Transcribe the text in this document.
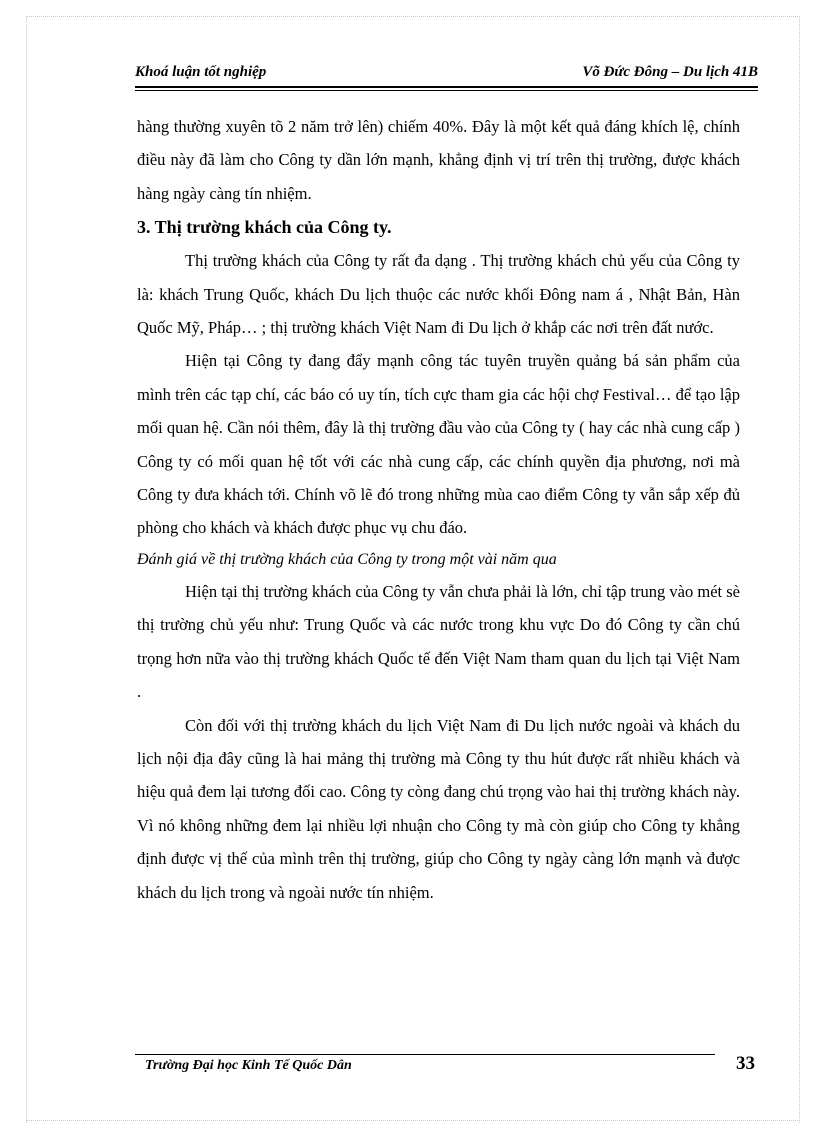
Khoá luận tốt nghiệp	Võ Đức Đông – Du lịch 41B

hàng thường xuyên tõ 2 năm trở lên) chiếm 40%. Đây là một kết quả đáng khích lệ, chính điều này đã làm cho Công ty dần lớn mạnh, khẳng định vị trí trên thị trường, được khách hàng ngày càng tín nhiệm.

3. Thị trường khách của Công ty.

Thị trường khách của Công ty rất đa dạng . Thị trường khách chủ yếu của Công ty là: khách Trung Quốc, khách Du lịch thuộc các nước khối Đông nam á , Nhật Bản, Hàn Quốc Mỹ, Pháp… ; thị trường khách Việt Nam đi Du lịch ở khắp các nơi trên đất nước.

Hiện tại Công ty đang đẩy mạnh công tác tuyên truyền quảng bá sản phẩm của mình trên các tạp chí, các báo có uy tín, tích cực tham gia các hội chợ Festival… để tạo lập mối quan hệ. Cần nói thêm, đây là thị trường đầu vào của Công ty ( hay các nhà cung cấp ) Công ty có mối quan hệ tốt với các nhà cung cấp, các chính quyền địa phương, nơi mà Công ty đưa khách tới. Chính võ lẽ đó trong những mùa cao điểm Công ty vẫn sắp xếp đủ phòng cho khách và khách được phục vụ chu đáo.

Đánh giá về thị trường khách của Công ty trong một vài năm qua

Hiện tại thị trường khách của Công ty vẫn chưa phải là lớn, chỉ tập trung vào mét sè thị trường chủ yếu như: Trung Quốc và các nước trong khu vực Do đó Công ty cần chú trọng hơn nữa vào thị trường khách Quốc tế đến Việt Nam tham quan du lịch tại Việt Nam .

Còn đối với thị trường khách du lịch Việt Nam đi Du lịch nước ngoài và khách du lịch nội địa đây cũng là hai mảng thị trường mà Công ty thu hút được rất nhiều khách và hiệu quả đem lại tương đối cao. Công ty còng đang chú trọng vào hai thị trường khách này. Vì nó không những đem lại nhiều lợi nhuận cho Công ty mà còn giúp cho Công ty khẳng định được vị thế của mình trên thị trường, giúp cho Công ty ngày càng lớn mạnh và được khách du lịch trong và ngoài nước tín nhiệm.

Trường Đại học Kinh Tế Quốc Dân	33
